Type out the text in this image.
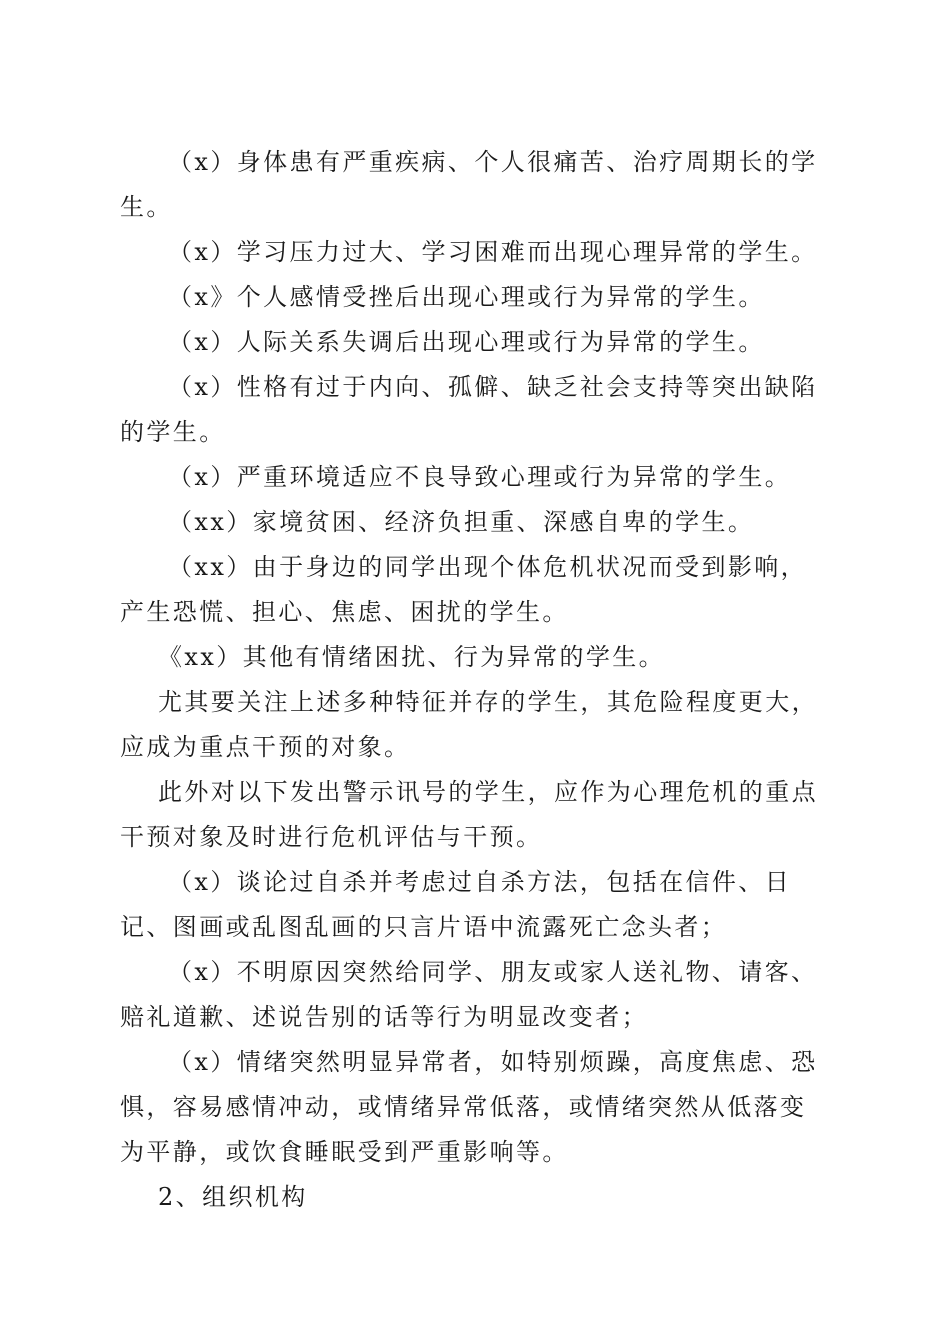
（x）身体患有严重疾病、个人很痛苦、治疗周期长的学生。

（x）学习压力过大、学习困难而出现心理异常的学生。

（x》个人感情受挫后出现心理或行为异常的学生。

（x）人际关系失调后出现心理或行为异常的学生。

（x）性格有过于内向、孤僻、缺乏社会支持等突出缺陷的学生。

（x）严重环境适应不良导致心理或行为异常的学生。

（xx）家境贫困、经济负担重、深感自卑的学生。

（xx）由于身边的同学出现个体危机状况而受到影响，产生恐慌、担心、焦虑、困扰的学生。

《xx）其他有情绪困扰、行为异常的学生。

尤其要关注上述多种特征并存的学生，其危险程度更大，应成为重点干预的对象。

此外对以下发出警示讯号的学生，应作为心理危机的重点干预对象及时进行危机评估与干预。

（x）谈论过自杀并考虑过自杀方法，包括在信件、日记、图画或乱图乱画的只言片语中流露死亡念头者；

（x）不明原因突然给同学、朋友或家人送礼物、请客、赔礼道歉、述说告别的话等行为明显改变者；

（x）情绪突然明显异常者，如特别烦躁，高度焦虑、恐惧，容易感情冲动，或情绪异常低落，或情绪突然从低落变为平静，或饮食睡眠受到严重影响等。

2、组织机构
